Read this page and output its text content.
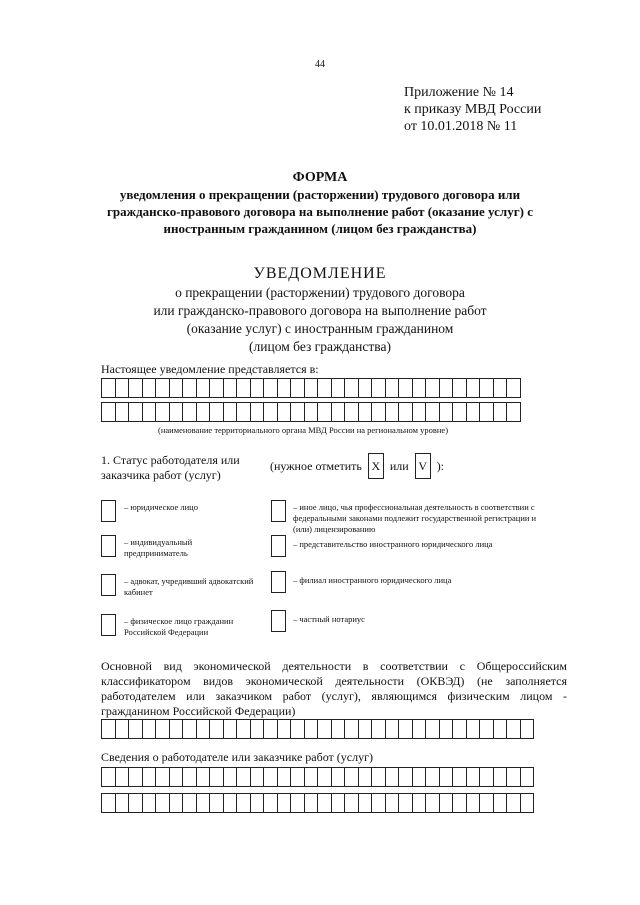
44
Приложение № 14
к приказу МВД России
от 10.01.2018 № 11
ФОРМА
уведомления о прекращении (расторжении) трудового договора или гражданско-правового договора на выполнение работ (оказание услуг) с иностранным гражданином (лицом без гражданства)
УВЕДОМЛЕНИЕ
о прекращении (расторжении) трудового договора
или гражданско-правового договора на выполнение работ
(оказание услуг) с иностранным гражданином
(лицом без гражданства)
Настоящее уведомление представляется в:
(наименование территориального органа МВД России на региональном уровне)
1. Статус работодателя или заказчика работ (услуг)
(нужное отметить X или V ):
– юридическое лицо
– индивидуальный предприниматель
– адвокат, учредивший адвокатский кабинет
– физическое лицо гражданин Российской Федерации
– иное лицо, чья профессиональная деятельность в соответствии с федеральными законами подлежит государственной регистрации и (или) лицензированию
– представительство иностранного юридического лица
– филиал иностранного юридического лица
– частный нотариус
Основной вид экономической деятельности в соответствии с Общероссийским классификатором видов экономической деятельности (ОКВЭД) (не заполняется работодателем или заказчиком работ (услуг), являющимся физическим лицом - гражданином Российской Федерации)
Сведения о работодателе или заказчике работ (услуг)
